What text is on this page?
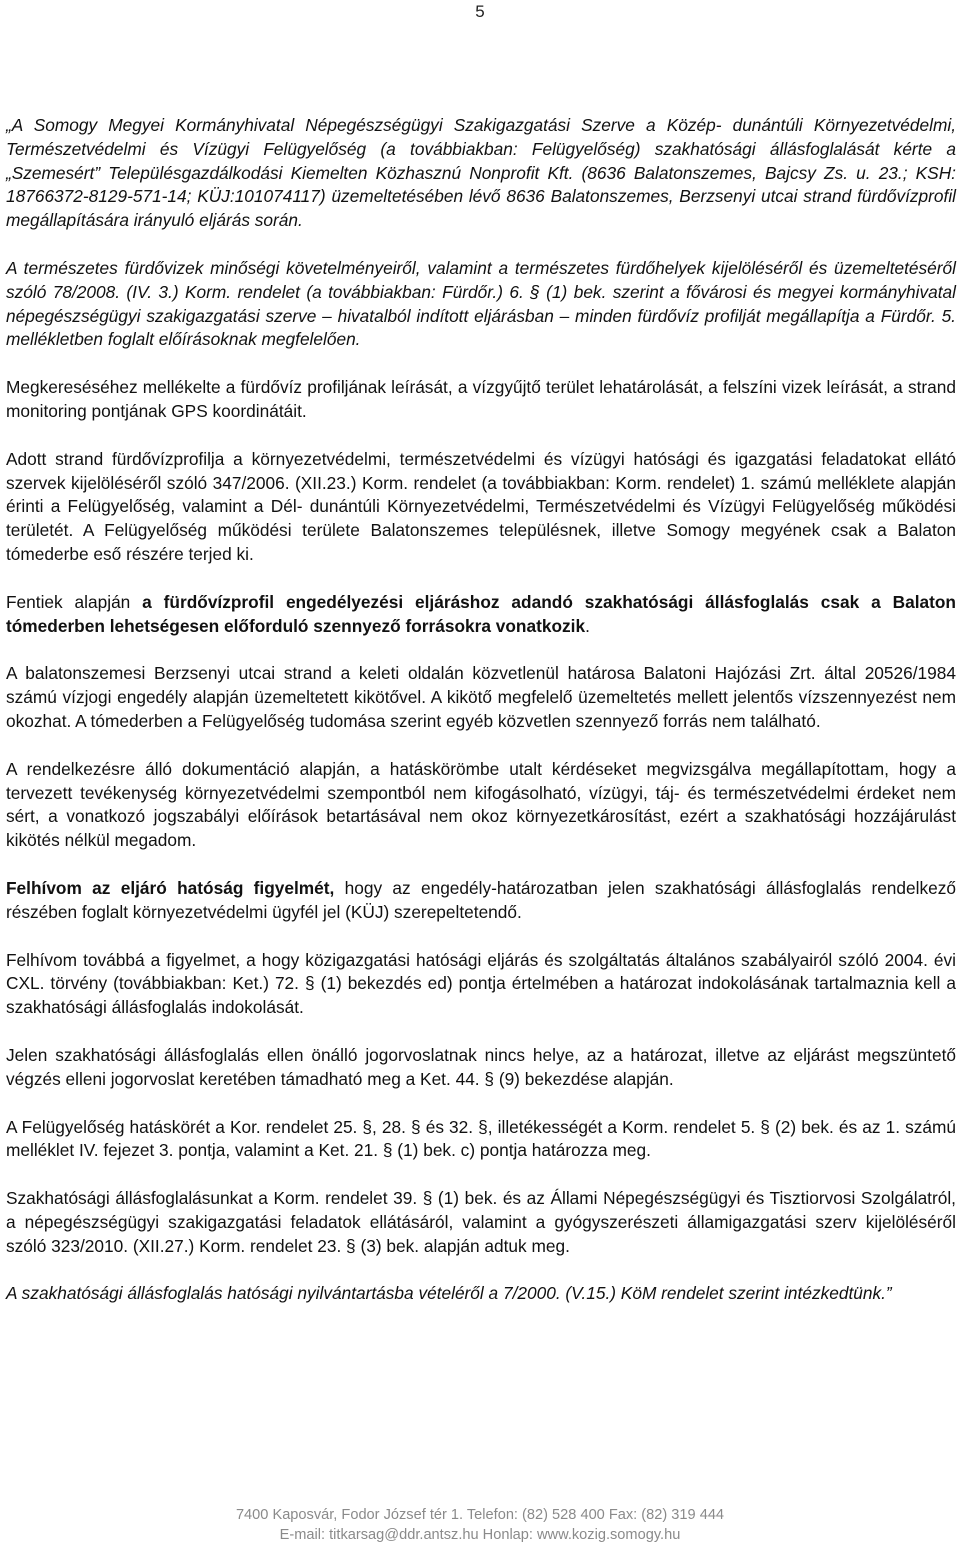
5

„A Somogy Megyei Kormányhivatal Népegészségügyi Szakigazgatási Szerve a Közép- dunántúli Környezetvédelmi, Természetvédelmi és Vízügyi Felügyelőség (a továbbiakban: Felügyelőség) szakhatósági állásfoglalását kérte a „Szemesért” Településgazdálkodási Kiemelten Közhasznú Nonprofit Kft. (8636 Balatonszemes, Bajcsy Zs. u. 23.; KSH: 18766372-8129-571-14; KÜJ:101074117) üzemeltetésében lévő 8636 Balatonszemes, Berzsenyi utcai strand fürdővízprofil megállapítására irányuló eljárás során.

A természetes fürdővizek minőségi követelményeiről, valamint a természetes fürdőhelyek kijelöléséről és üzemeltetéséről szóló 78/2008. (IV. 3.) Korm. rendelet (a továbbiakban: Fürdőr.) 6. § (1) bek. szerint a fővárosi és megyei kormányhivatal népegészségügyi szakigazgatási szerve – hivatalból indított eljárásban – minden fürdővíz profilját megállapítja a Fürdőr. 5. mellékletben foglalt előírásoknak megfelelően.

Megkereséséhez mellékelte a fürdővíz profiljának leírását, a vízgyűjtő terület lehatárolását, a felszíni vizek leírását, a strand monitoring pontjának GPS koordinátáit.

Adott strand fürdővízprofilja a környezetvédelmi, természetvédelmi és vízügyi hatósági és igazgatási feladatokat ellátó szervek kijelöléséről szóló 347/2006. (XII.23.) Korm. rendelet (a továbbiakban: Korm. rendelet) 1. számú melléklete alapján érinti a Felügyelőség, valamint a Dél- dunántúli Környezetvédelmi, Természetvédelmi és Vízügyi Felügyelőség működési területét. A Felügyelőség működési területe Balatonszemes településnek, illetve Somogy megyének csak a Balaton tómederbe eső részére terjed ki.

Fentiek alapján a fürdővízprofil engedélyezési eljáráshoz adandó szakhatósági állásfoglalás csak a Balaton tómederben lehetségesen előforduló szennyező forrásokra vonatkozik.

A balatonszemesi Berzsenyi utcai strand a keleti oldalán közvetlenül határosa Balatoni Hajózási Zrt. által 20526/1984 számú vízjogi engedély alapján üzemeltetett kikötővel. A kikötő megfelelő üzemeltetés mellett jelentős vízszennyezést nem okozhat. A tómederben a Felügyelőség tudomása szerint egyéb közvetlen szennyező forrás nem található.

A rendelkezésre álló dokumentáció alapján, a hatáskörömbe utalt kérdéseket megvizsgálva megállapítottam, hogy a tervezett tevékenység környezetvédelmi szempontból nem kifogásolható, vízügyi, táj- és természetvédelmi érdeket nem sért, a vonatkozó jogszabályi előírások betartásával nem okoz környezetkárosítást, ezért a szakhatósági hozzájárulást kikötés nélkül megadom.

Felhívom az eljáró hatóság figyelmét, hogy az engedély-határozatban jelen szakhatósági állásfoglalás rendelkező részében foglalt környezetvédelmi ügyfél jel (KÜJ) szerepeltetendő.

Felhívom továbbá a figyelmet, a hogy közigazgatási hatósági eljárás és szolgáltatás általános szabályairól szóló 2004. évi CXL. törvény (továbbiakban: Ket.) 72. § (1) bekezdés ed) pontja értelmében a határozat indokolásának tartalmaznia kell a szakhatósági állásfoglalás indokolását.

Jelen szakhatósági állásfoglalás ellen önálló jogorvoslatnak nincs helye, az a határozat, illetve az eljárást megszüntető végzés elleni jogorvoslat keretében támadható meg a Ket. 44. § (9) bekezdése alapján.

A Felügyelőség hatáskörét a Kor. rendelet 25. §, 28. § és 32. §, illetékességét a Korm. rendelet 5. § (2) bek. és az 1. számú melléklet IV. fejezet 3. pontja, valamint a Ket. 21. § (1) bek. c) pontja határozza meg.

Szakhatósági állásfoglalásunkat a Korm. rendelet 39. § (1) bek. és az Állami Népegészségügyi és Tisztiorvosi Szolgálatról, a népegészségügyi szakigazgatási feladatok ellátásáról, valamint a gyógyszerészeti államigazgatási szerv kijelöléséről szóló 323/2010. (XII.27.) Korm. rendelet 23. § (3) bek. alapján adtuk meg.

A szakhatósági állásfoglalás hatósági nyilvántartásba vételéről a 7/2000. (V.15.) KöM rendelet szerint intézkedtünk.”

7400 Kaposvár, Fodor József tér 1. Telefon: (82) 528 400 Fax: (82) 319 444
E-mail: titkarsag@ddr.antsz.hu Honlap: www.kozig.somogy.hu
